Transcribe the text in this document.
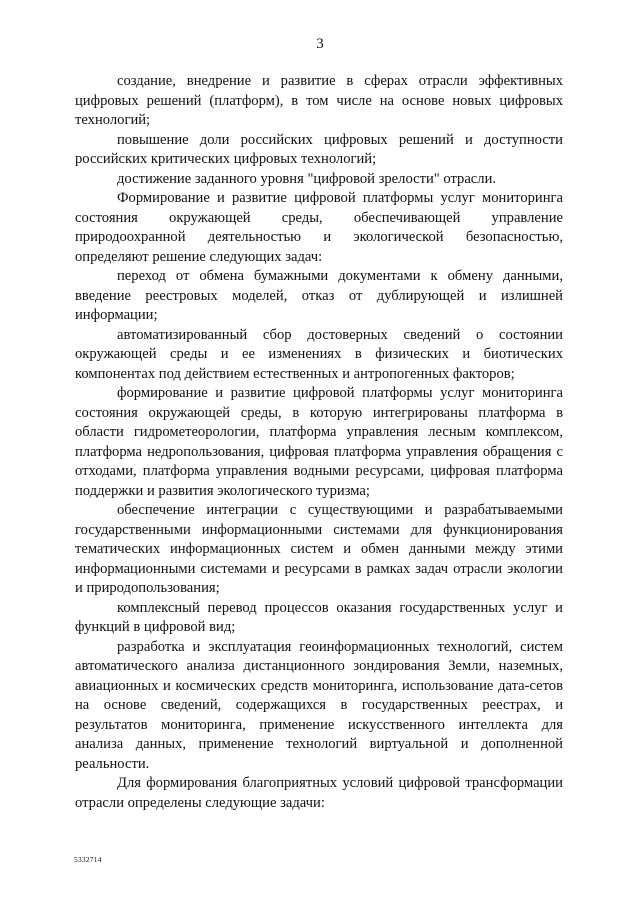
3

создание, внедрение и развитие в сферах отрасли эффективных цифровых решений (платформ), в том числе на основе новых цифровых технологий;

повышение доли российских цифровых решений и доступности российских критических цифровых технологий;

достижение заданного уровня "цифровой зрелости" отрасли.

Формирование и развитие цифровой платформы услуг мониторинга состояния окружающей среды, обеспечивающей управление природоохранной деятельностью и экологической безопасностью, определяют решение следующих задач:

переход от обмена бумажными документами к обмену данными, введение реестровых моделей, отказ от дублирующей и излишней информации;

автоматизированный сбор достоверных сведений о состоянии окружающей среды и ее изменениях в физических и биотических компонентах под действием естественных и антропогенных факторов;

формирование и развитие цифровой платформы услуг мониторинга состояния окружающей среды, в которую интегрированы платформа в области гидрометеорологии, платформа управления лесным комплексом, платформа недропользования, цифровая платформа управления обращения с отходами, платформа управления водными ресурсами, цифровая платформа поддержки и развития экологического туризма;

обеспечение интеграции с существующими и разрабатываемыми государственными информационными системами для функционирования тематических информационных систем и обмен данными между этими информационными системами и ресурсами в рамках задач отрасли экологии и природопользования;

комплексный перевод процессов оказания государственных услуг и функций в цифровой вид;

разработка и эксплуатация геоинформационных технологий, систем автоматического анализа дистанционного зондирования Земли, наземных, авиационных и космических средств мониторинга, использование дата-сетов на основе сведений, содержащихся в государственных реестрах, и результатов мониторинга, применение искусственного интеллекта для анализа данных, применение технологий виртуальной и дополненной реальности.

Для формирования благоприятных условий цифровой трансформации отрасли определены следующие задачи:

5332714
